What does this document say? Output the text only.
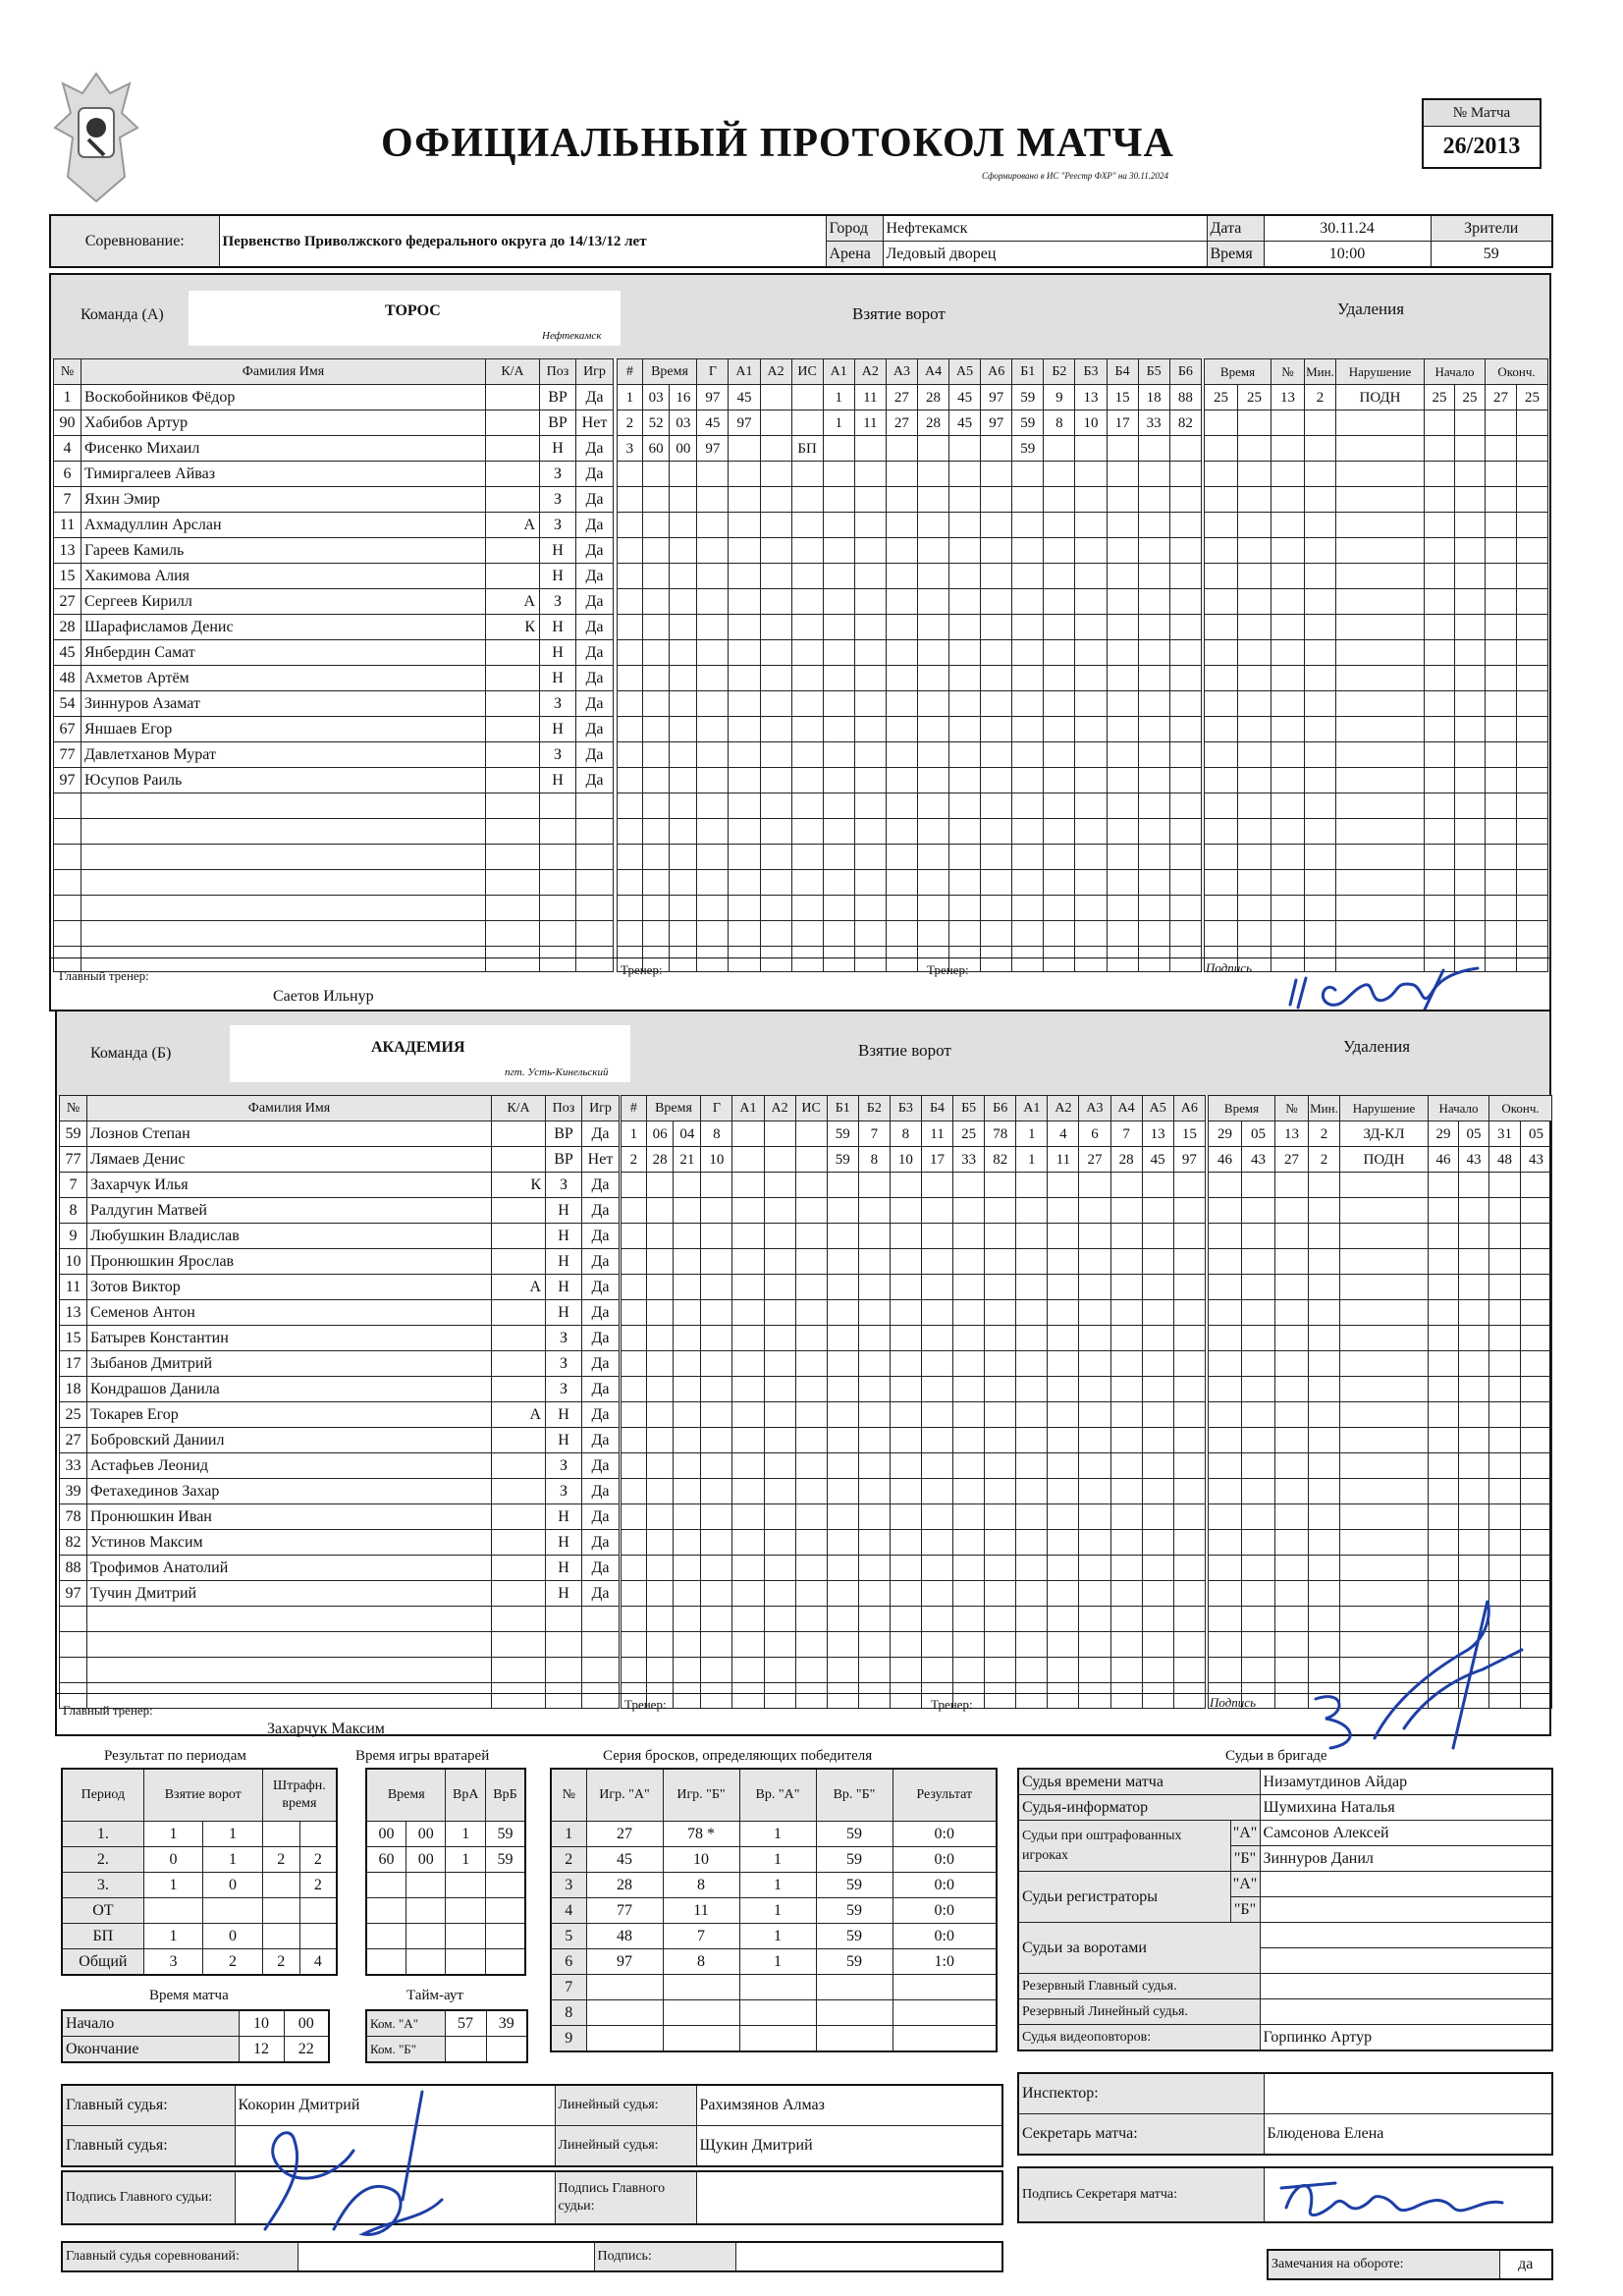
ОФИЦИАЛЬНЫЙ ПРОТОКОЛ МАТЧА
Сформировано в ИС "Реестр ФХР" на 30.11.2024
№ Матча
26/2013
Соревнование:	Первенство Приволжского федерального округа до 14/13/12 лет	Город	Нефтекамск	Дата	30.11.24	Зрители
		Арена	Ледовый дворец	Время	10:00	59
Команда (А)	ТОРОС
Нефтекамск
Взятие ворот	Удаления
№	Фамилия Имя	К/А	Поз	Игр
1	Воскобойников Фёдор		ВР	Да
90	Хабибов Артур		ВР	Нет
4	Фисенко Михаил		Н	Да
6	Тимиргалеев Айваз		З	Да
7	Яхин Эмир		З	Да
11	Ахмадуллин Арслан	А	З	Да
13	Гареев Камиль		Н	Да
15	Хакимова Алия		Н	Да
27	Сергеев Кирилл	А	З	Да
28	Шарафисламов Денис	К	Н	Да
45	Янбердин Самат		Н	Да
48	Ахметов Артём		Н	Да
54	Зиннуров Азамат		З	Да
67	Яншаев Егор		Н	Да
77	Давлетханов Мурат		З	Да
97	Юсупов Раиль		Н	Да

#	Время		Г	А1	А2	ИС	А1	А2	А3	А4	А5	А6	Б1	Б2	Б3	Б4	Б5	Б6
1	03	16	97	45			1	11	27	28	45	97	59	9	13	15	18	88
2	52	03	45	97			1	11	27	28	45	97	59	8	10	17	33	82
3	60	00	97			БП							59					

Время		№	Мин.	Нарушение	Начало		Оконч.	
25	25	13	2	ПОДН	25	25	27	25

Главный тренер:
Саетов Ильнур
Тренер:	Тренер:	Подпись
Команда (Б)	АКАДЕМИЯ
пгт. Усть-Кинельский
Взятие ворот	Удаления
№	Фамилия Имя	К/А	Поз	Игр
59	Лознов Степан		ВР	Да
77	Лямаев Денис		ВР	Нет
7	Захарчук Илья	К	З	Да
8	Ралдугин Матвей		Н	Да
9	Любушкин Владислав		Н	Да
10	Пронюшкин Ярослав		Н	Да
11	Зотов Виктор	А	Н	Да
13	Семенов Антон		Н	Да
15	Батырев Константин		З	Да
17	Зыбанов Дмитрий		З	Да
18	Кондрашов Данила		З	Да
25	Токарев Егор	А	Н	Да
27	Бобровский Даниил		Н	Да
33	Астафьев Леонид		З	Да
39	Фетахединов Захар		З	Да
78	Пронюшкин Иван		Н	Да
82	Устинов Максим		Н	Да
88	Трофимов Анатолий		Н	Да
97	Тучин Дмитрий		Н	Да

#	Время		Г	А1	А2	ИС	Б1	Б2	Б3	Б4	Б5	Б6	А1	А2	А3	А4	А5	А6
1	06	04	8				59	7	8	11	25	78	1	4	6	7	13	15
2	28	21	10				59	8	10	17	33	82	1	11	27	28	45	97

Время		№	Мин.	Нарушение	Начало		Оконч.	
29	05	13	2	ЗД-КЛ	29	05	31	05
46	43	27	2	ПОДН	46	43	48	43

Главный тренер:
Захарчук Максим
Тренер:	Тренер:	Подпись
Результат по периодам
Период	Взятие ворот		Штрафн. время	
1.	1	1		
2.	0	1	2	2
3.	1	0		2
ОТ				
БП	1	0		
Общий	3	2	2	4
Время игры вратарей
Время		ВрА	ВрБ
00	00	1	59
60	00	1	59

Время матча
Начало	10	00
Окончание	12	22
Тайм-аут
Ком. "А"	57	39
Ком. "Б"		
Серия бросков, определяющих победителя
№	Игр. "А"	Игр. "Б"	Вр. "А"	Вр. "Б"	Результат
1	27	78 *	1	59	0:0
2	45	10	1	59	0:0
3	28	8	1	59	0:0
4	77	11	1	59	0:0
5	48	7	1	59	0:0
6	97	8	1	59	1:0
7					
8					
9					
Судьи в бригаде
Судья времени матча		Низамутдинов Айдар
Судья-информатор		Шумихина Наталья
Судьи при оштрафованных игроках	"А"	Самсонов Алексей
	"Б"	Зиннуров Данил
Судьи регистраторы	"А"	
	"Б"	
Судьи за воротами		

Резервный Главный судья.		
Резервный Линейный судья.		
Судья видеоповторов:		Горпинко Артур
Главный судья:	Кокорин Дмитрий	Линейный судья:	Рахимзянов Алмаз
Главный судья:		Линейный судья:	Щукин Дмитрий
Подпись Главного судьи:		Подпись Главного судьи:	
Главный судья соревнований:		Подпись:	
Инспектор:	
Секретарь матча:	Блюденова Елена
Подпись Секретаря матча:	
Замечания на обороте:	да
